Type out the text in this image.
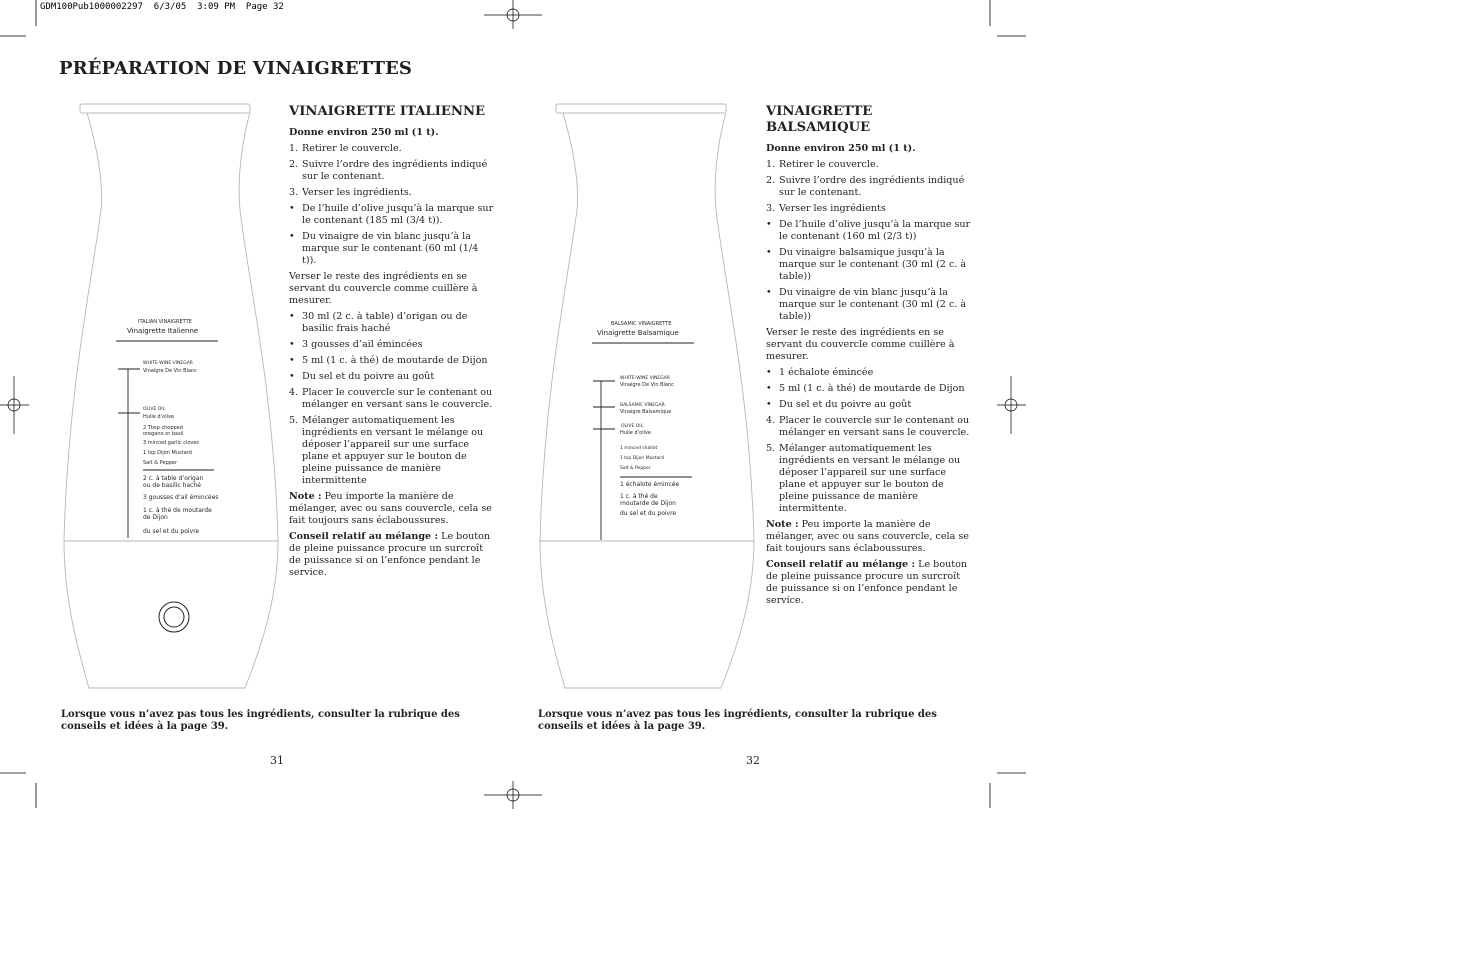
GDM100Pub1000002297  6/3/05  3:09 PM  Page 32
PRÉPARATION DE VINAIGRETTES
ITALIAN VINAIGRETTE
Vinaigrette Italienne
WHITE-WINE VINEGAR
Vinaigre De Vin Blanc
OLIVE OIL
Huile d’olive
2 Tbsp chopped oregano or basil
3 minced garlic cloves
1 tsp Dijon Mustard
Salt & Pepper
2 c. à table d’origan ou de basilic haché
3 gousses d’ail émincées
1 c. à thé de moutarde de Dijon
du sel et du poivre
BALSAMIC VINAIGRETTE
Vinaigrette Balsamique
WHITE-WINE VINEGAR
Vinaigre De Vin Blanc
BALSAMIC VINEGAR
Vinaigre Balsamique
OLIVE OIL
Huile d’olive
1 minced shallot
1 tsp Dijon Mustard
Salt & Pepper
1 échalote émincée
1 c. à thé de moutarde de Dijon
du sel et du poivre
VINAIGRETTE ITALIENNE
Donne environ 250 ml (1 t).
1. Retirer le couvercle.
2. Suivre l’ordre des ingrédients indiqué sur le contenant.
3. Verser les ingrédients.
• De l’huile d’olive jusqu’à la marque sur le contenant (185 ml (3/4 t)).
• Du vinaigre de vin blanc jusqu’à la marque sur le contenant (60 ml (1/4 t)).

Verser le reste des ingrédients en se servant du couvercle comme cuillère à mesurer.

• 30 ml (2 c. à table) d’origan ou de basilic frais haché
• 3 gousses d’ail émincées
• 5 ml (1 c. à thé) de moutarde de Dijon
• Du sel et du poivre au goût
4. Placer le couvercle sur le contenant ou mélanger en versant sans le couvercle.
5. Mélanger automatiquement les ingrédients en versant le mélange ou déposer l’appareil sur une surface plane et appuyer sur le bouton de pleine puissance de manière intermittente

Note : Peu importe la manière de mélanger, avec ou sans couvercle, cela se fait toujours sans éclaboussures.

Conseil relatif au mélange : Le bouton de pleine puissance procure un surcroît de puissance si on l’enfonce pendant le service.

VINAIGRETTE BALSAMIQUE
Donne environ 250 ml (1 t).
1. Retirer le couvercle.
2. Suivre l’ordre des ingrédients indiqué sur le contenant.
3. Verser les ingrédients
• De l’huile d’olive jusqu’à la marque sur le contenant (160 ml (2/3 t))
• Du vinaigre balsamique jusqu’à la marque sur le contenant (30 ml (2 c. à table))
• Du vinaigre de vin blanc jusqu’à la marque sur le contenant (30 ml (2 c. à table))

Verser le reste des ingrédients en se servant du couvercle comme cuillère à mesurer.

• 1 échalote émincée
• 5 ml (1 c. à thé) de moutarde de Dijon
• Du sel et du poivre au goût
4. Placer le couvercle sur le contenant ou mélanger en versant sans le couvercle.
5. Mélanger automatiquement les ingrédients en versant le mélange ou déposer l’appareil sur une surface plane et appuyer sur le bouton de pleine puissance de manière intermittente.

Note : Peu importe la manière de mélanger, avec ou sans couvercle, cela se fait toujours sans éclaboussures.

Conseil relatif au mélange : Le bouton de pleine puissance procure un surcroît de puissance si on l’enfonce pendant le service.

Lorsque vous n’avez pas tous les ingrédients, consulter la rubrique des conseils et idées à la page 39.
Lorsque vous n’avez pas tous les ingrédients, consulter la rubrique des conseils et idées à la page 39.
31	32
